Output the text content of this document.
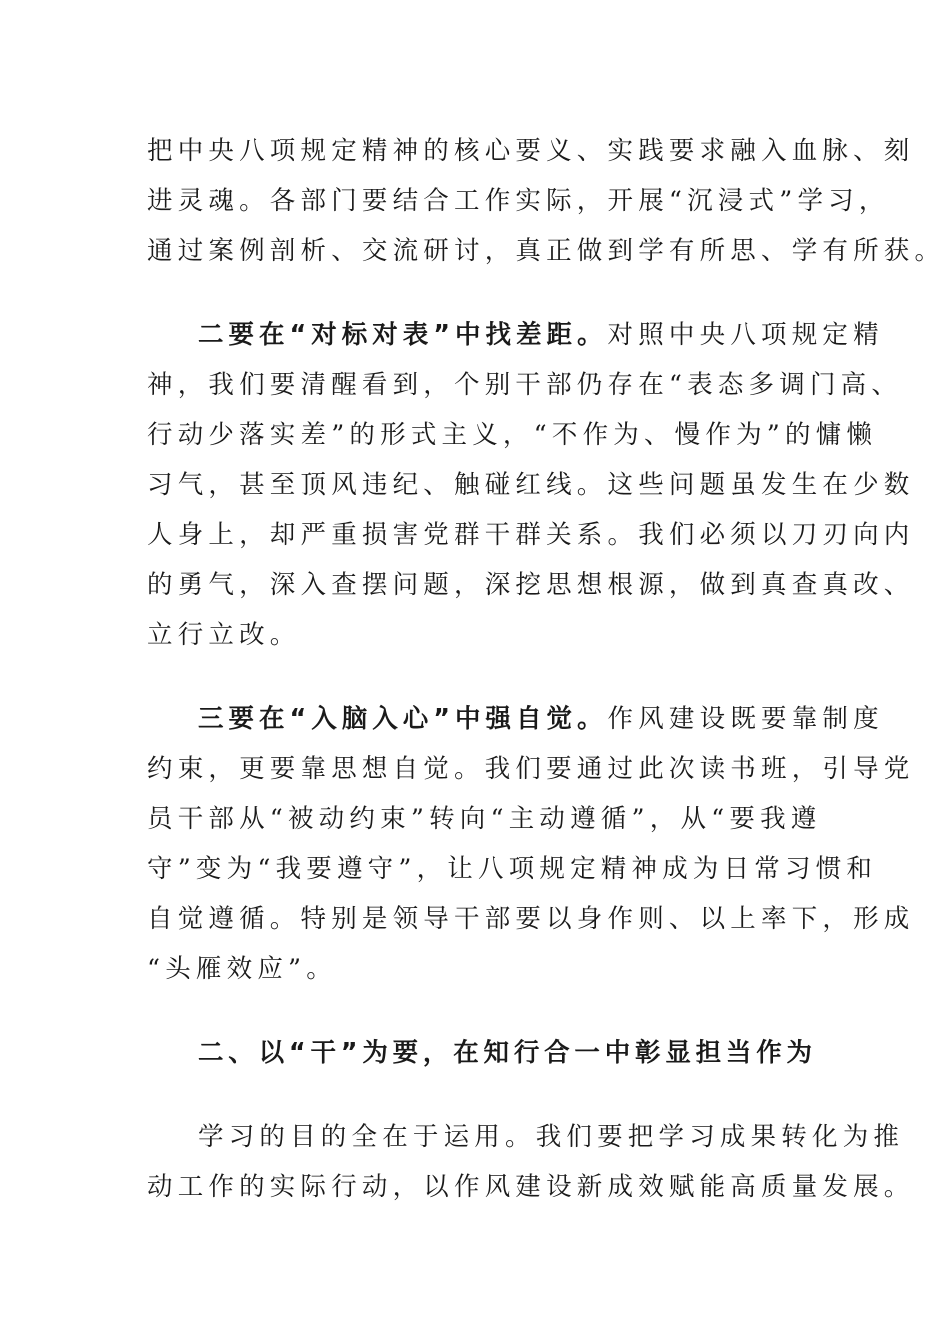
把中央八项规定精神的核心要义、实践要求融入血脉、刻
进灵魂。各部门要结合工作实际，开展“沉浸式”学习，
通过案例剖析、交流研讨，真正做到学有所思、学有所获。
二要在“对标对表”中找差距。对照中央八项规定精
神，我们要清醒看到，个别干部仍存在“表态多调门高、
行动少落实差”的形式主义，“不作为、慢作为”的慵懒
习气，甚至顶风违纪、触碰红线。这些问题虽发生在少数
人身上，却严重损害党群干群关系。我们必须以刀刃向内
的勇气，深入查摆问题，深挖思想根源，做到真查真改、
立行立改。
三要在“入脑入心”中强自觉。作风建设既要靠制度
约束，更要靠思想自觉。我们要通过此次读书班，引导党
员干部从“被动约束”转向“主动遵循”，从“要我遵
守”变为“我要遵守”，让八项规定精神成为日常习惯和
自觉遵循。特别是领导干部要以身作则、以上率下，形成
“头雁效应”。
二、以“干”为要，在知行合一中彰显担当作为
学习的目的全在于运用。我们要把学习成果转化为推
动工作的实际行动，以作风建设新成效赋能高质量发展。
